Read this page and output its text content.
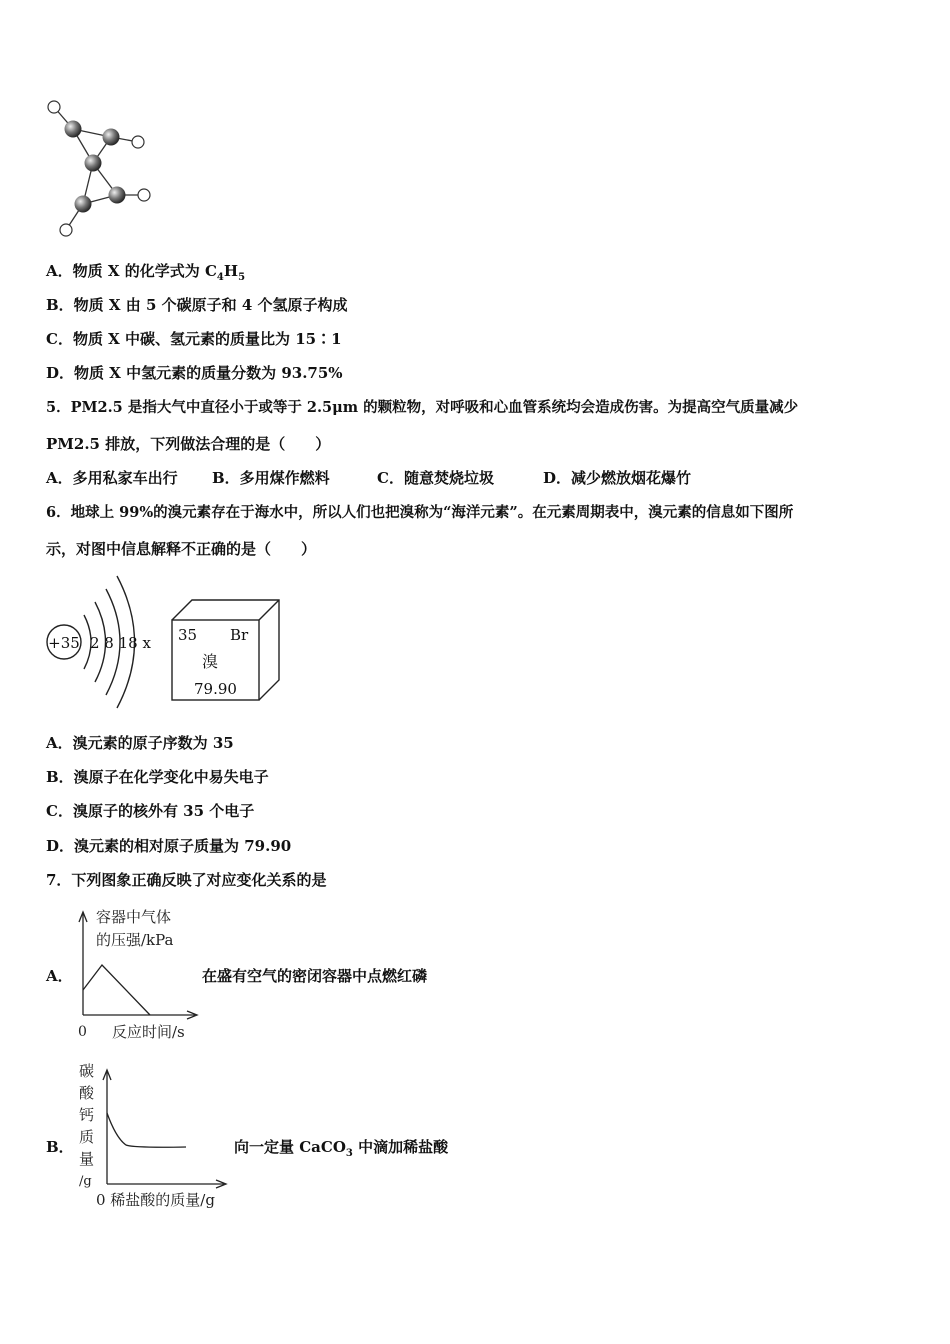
A．物质 X 的化学式为 $C_4H_5$
B．物质 X 由 5 个碳原子和 4 个氢原子构成
C．物质 X 中碳、氢元素的质量比为 15∶1
D．物质 X 中氢元素的质量分数为 93.75%
5．PM2.5 是指大气中直径小于或等于 2.5μm 的颗粒物，对呼吸和心血管系统均会造成伤害。为提高空气质量减少
PM2.5 排放，下列做法合理的是（　　）
A．多用私家车出行 B．多用煤作燃料	C．随意焚烧垃圾	D．减少燃放烟花爆竹
6．地球上 99%的溴元素存在于海水中，所以人们也把溴称为“海洋元素”。在元素周期表中，溴元素的信息如下图所
示，对图中信息解释不正确的是（　　）
+35 2 8 18 x 35 Br
溴
79.90
A．溴元素的原子序数为 35
B．溴原子在化学变化中易失电子
C．溴原子的核外有 35 个电子
D．溴元素的相对原子质量为 79.90
7．下列图象正确反映了对应变化关系的是
A．
容器中气体
的压强/kPa
0 反应时间/s
在盛有空气的密闭容器中点燃红磷
B．
碳
酸
钙
质
量
/g
0 稀盐酸的质量/g
向一定量 CaCO$_3$ 中滴加稀盐酸
